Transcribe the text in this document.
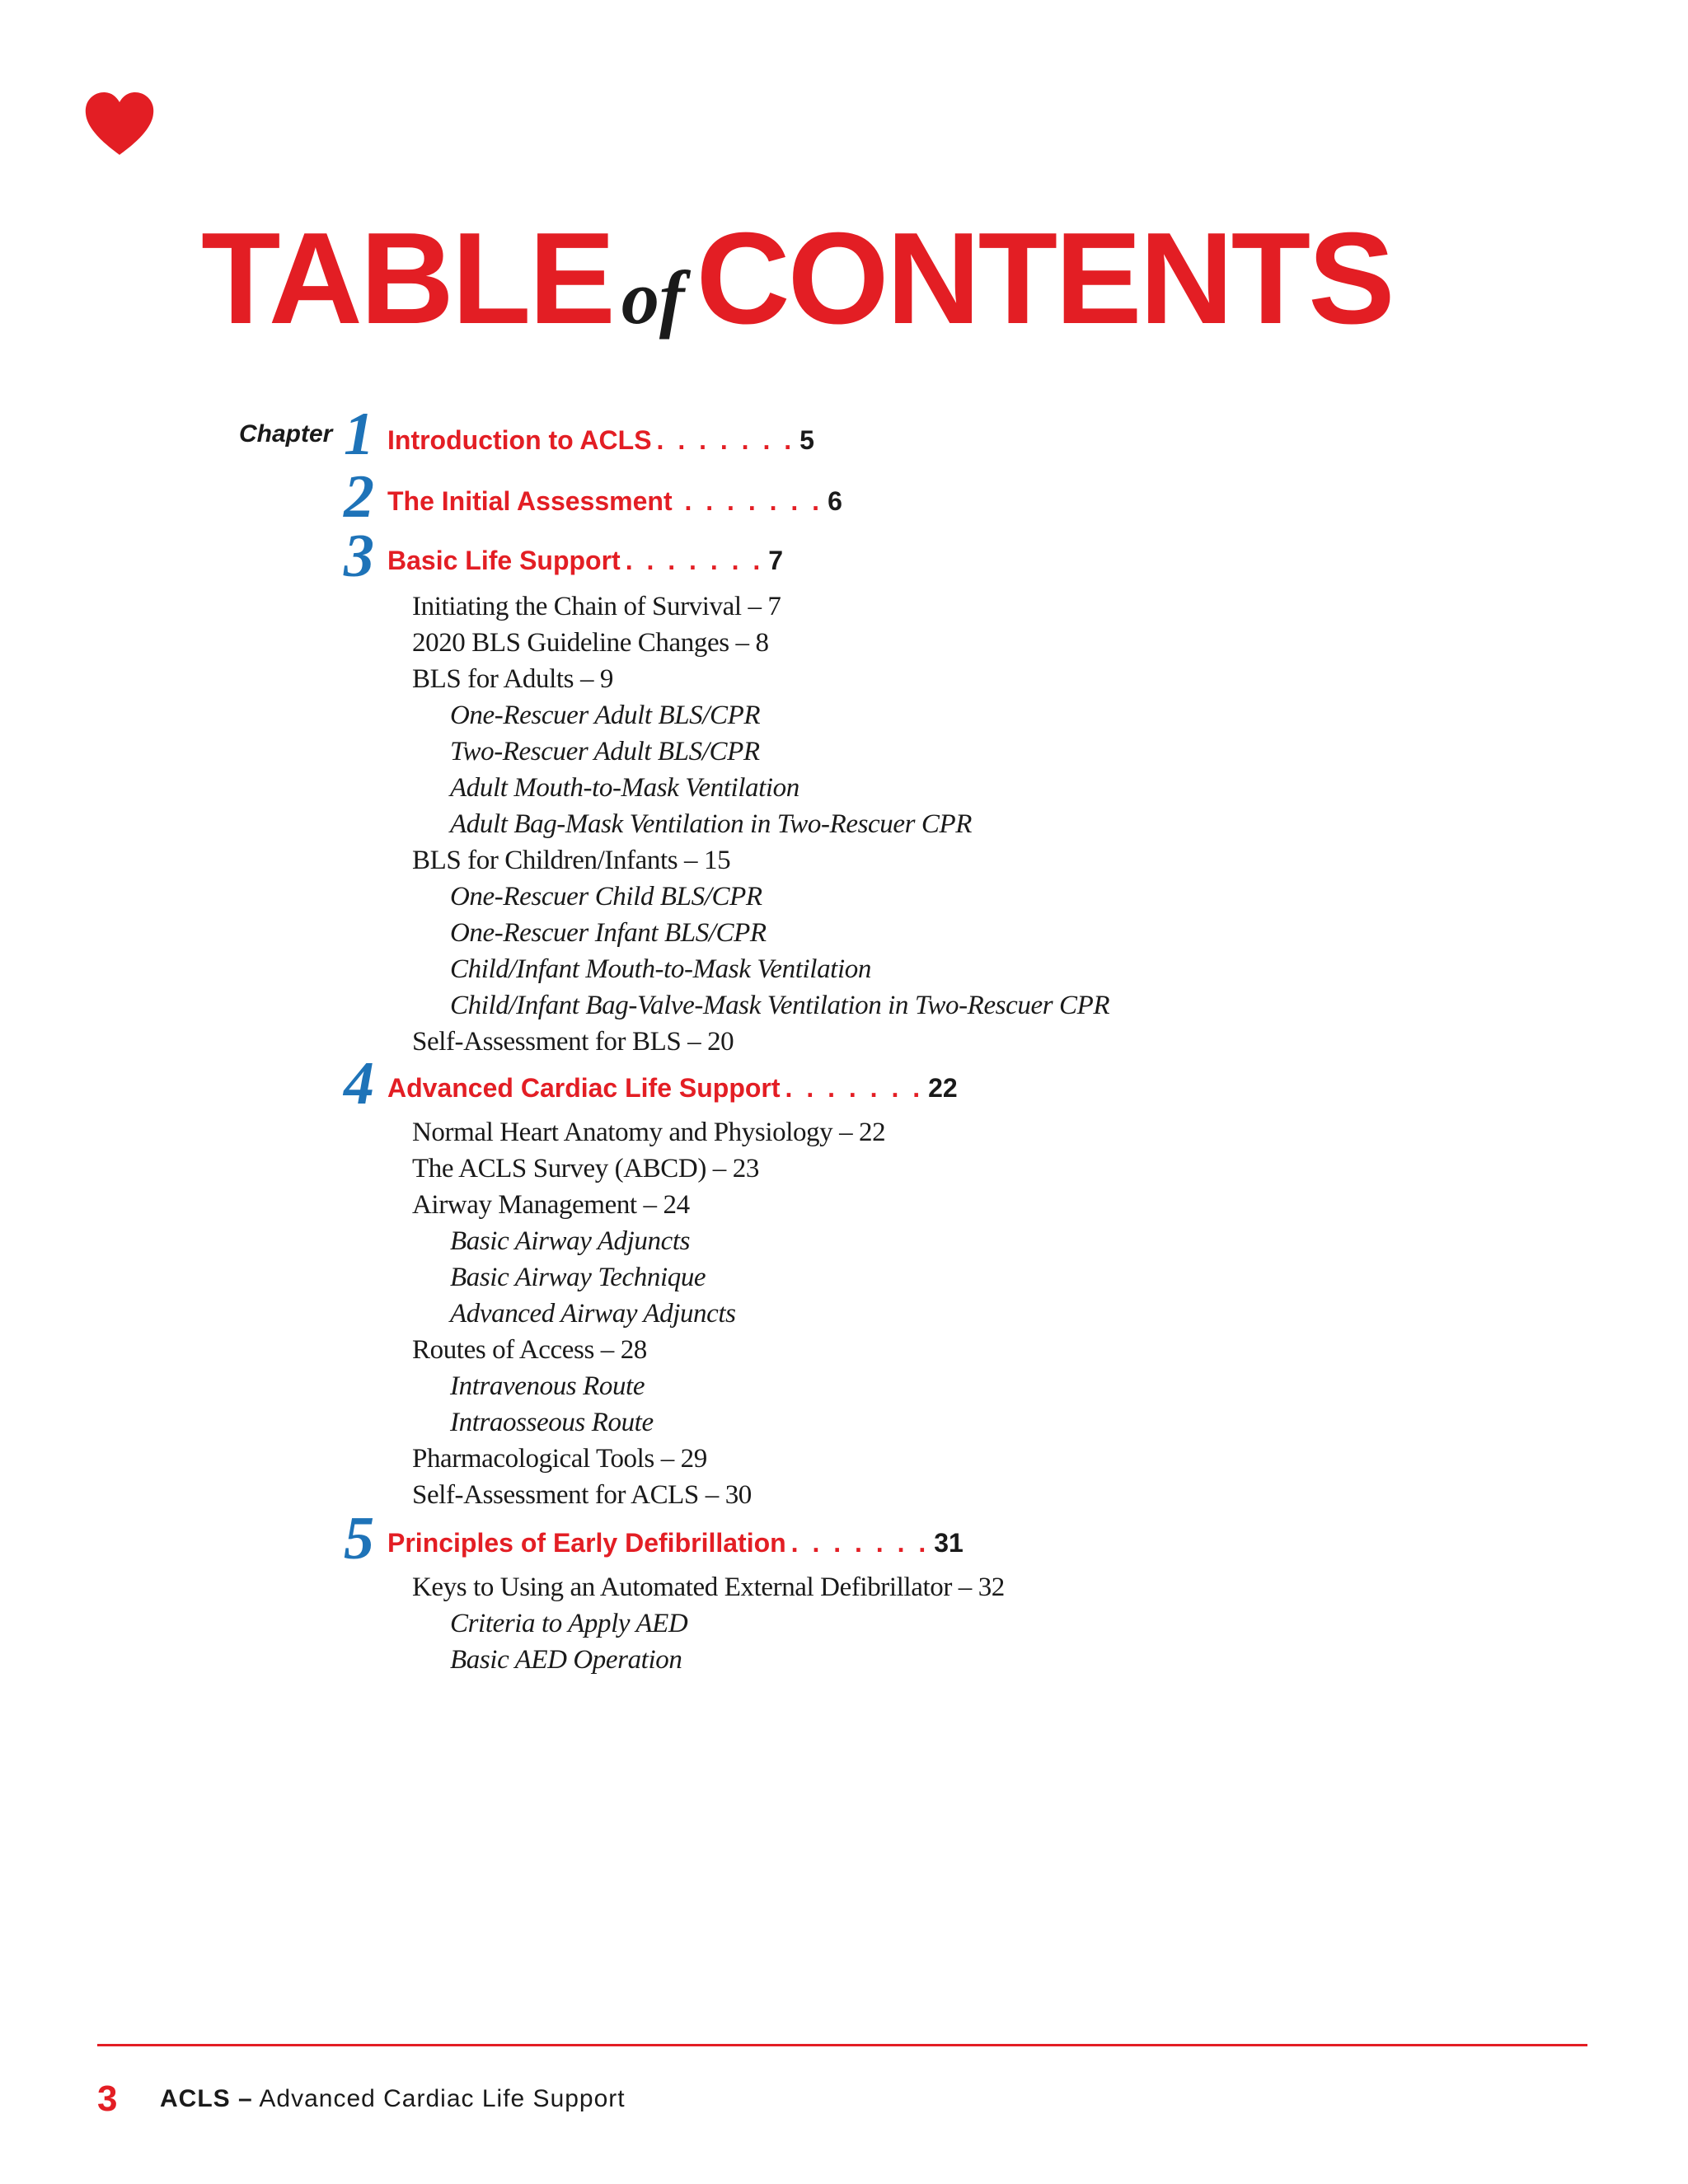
TABLE ofCONTENTS
Chapter 1 Introduction to ACLS . . . . . . . 5
2 The Initial Assessment . . . . . . . 6
3 Basic Life Support . . . . . . . 7
Initiating the Chain of Survival – 7
2020 BLS Guideline Changes – 8
BLS for Adults – 9
One-Rescuer Adult BLS/CPR
Two-Rescuer Adult BLS/CPR
Adult Mouth-to-Mask Ventilation
Adult Bag-Mask Ventilation in Two-Rescuer CPR
BLS for Children/Infants – 15
One-Rescuer Child BLS/CPR
One-Rescuer Infant BLS/CPR
Child/Infant Mouth-to-Mask Ventilation
Child/Infant Bag-Valve-Mask Ventilation in Two-Rescuer CPR
Self-Assessment for BLS – 20
4 Advanced Cardiac Life Support . . . . . . . 22
Normal Heart Anatomy and Physiology – 22
The ACLS Survey (ABCD) – 23
Airway Management – 24
Basic Airway Adjuncts
Basic Airway Technique
Advanced Airway Adjuncts
Routes of Access – 28
Intravenous Route
Intraosseous Route
Pharmacological Tools – 29
Self-Assessment for ACLS – 30
5 Principles of Early Defibrillation . . . . . . . 31
Keys to Using an Automated External Defibrillator – 32
Criteria to Apply AED
Basic AED Operation
3 ACLS – Advanced Cardiac Life Support
